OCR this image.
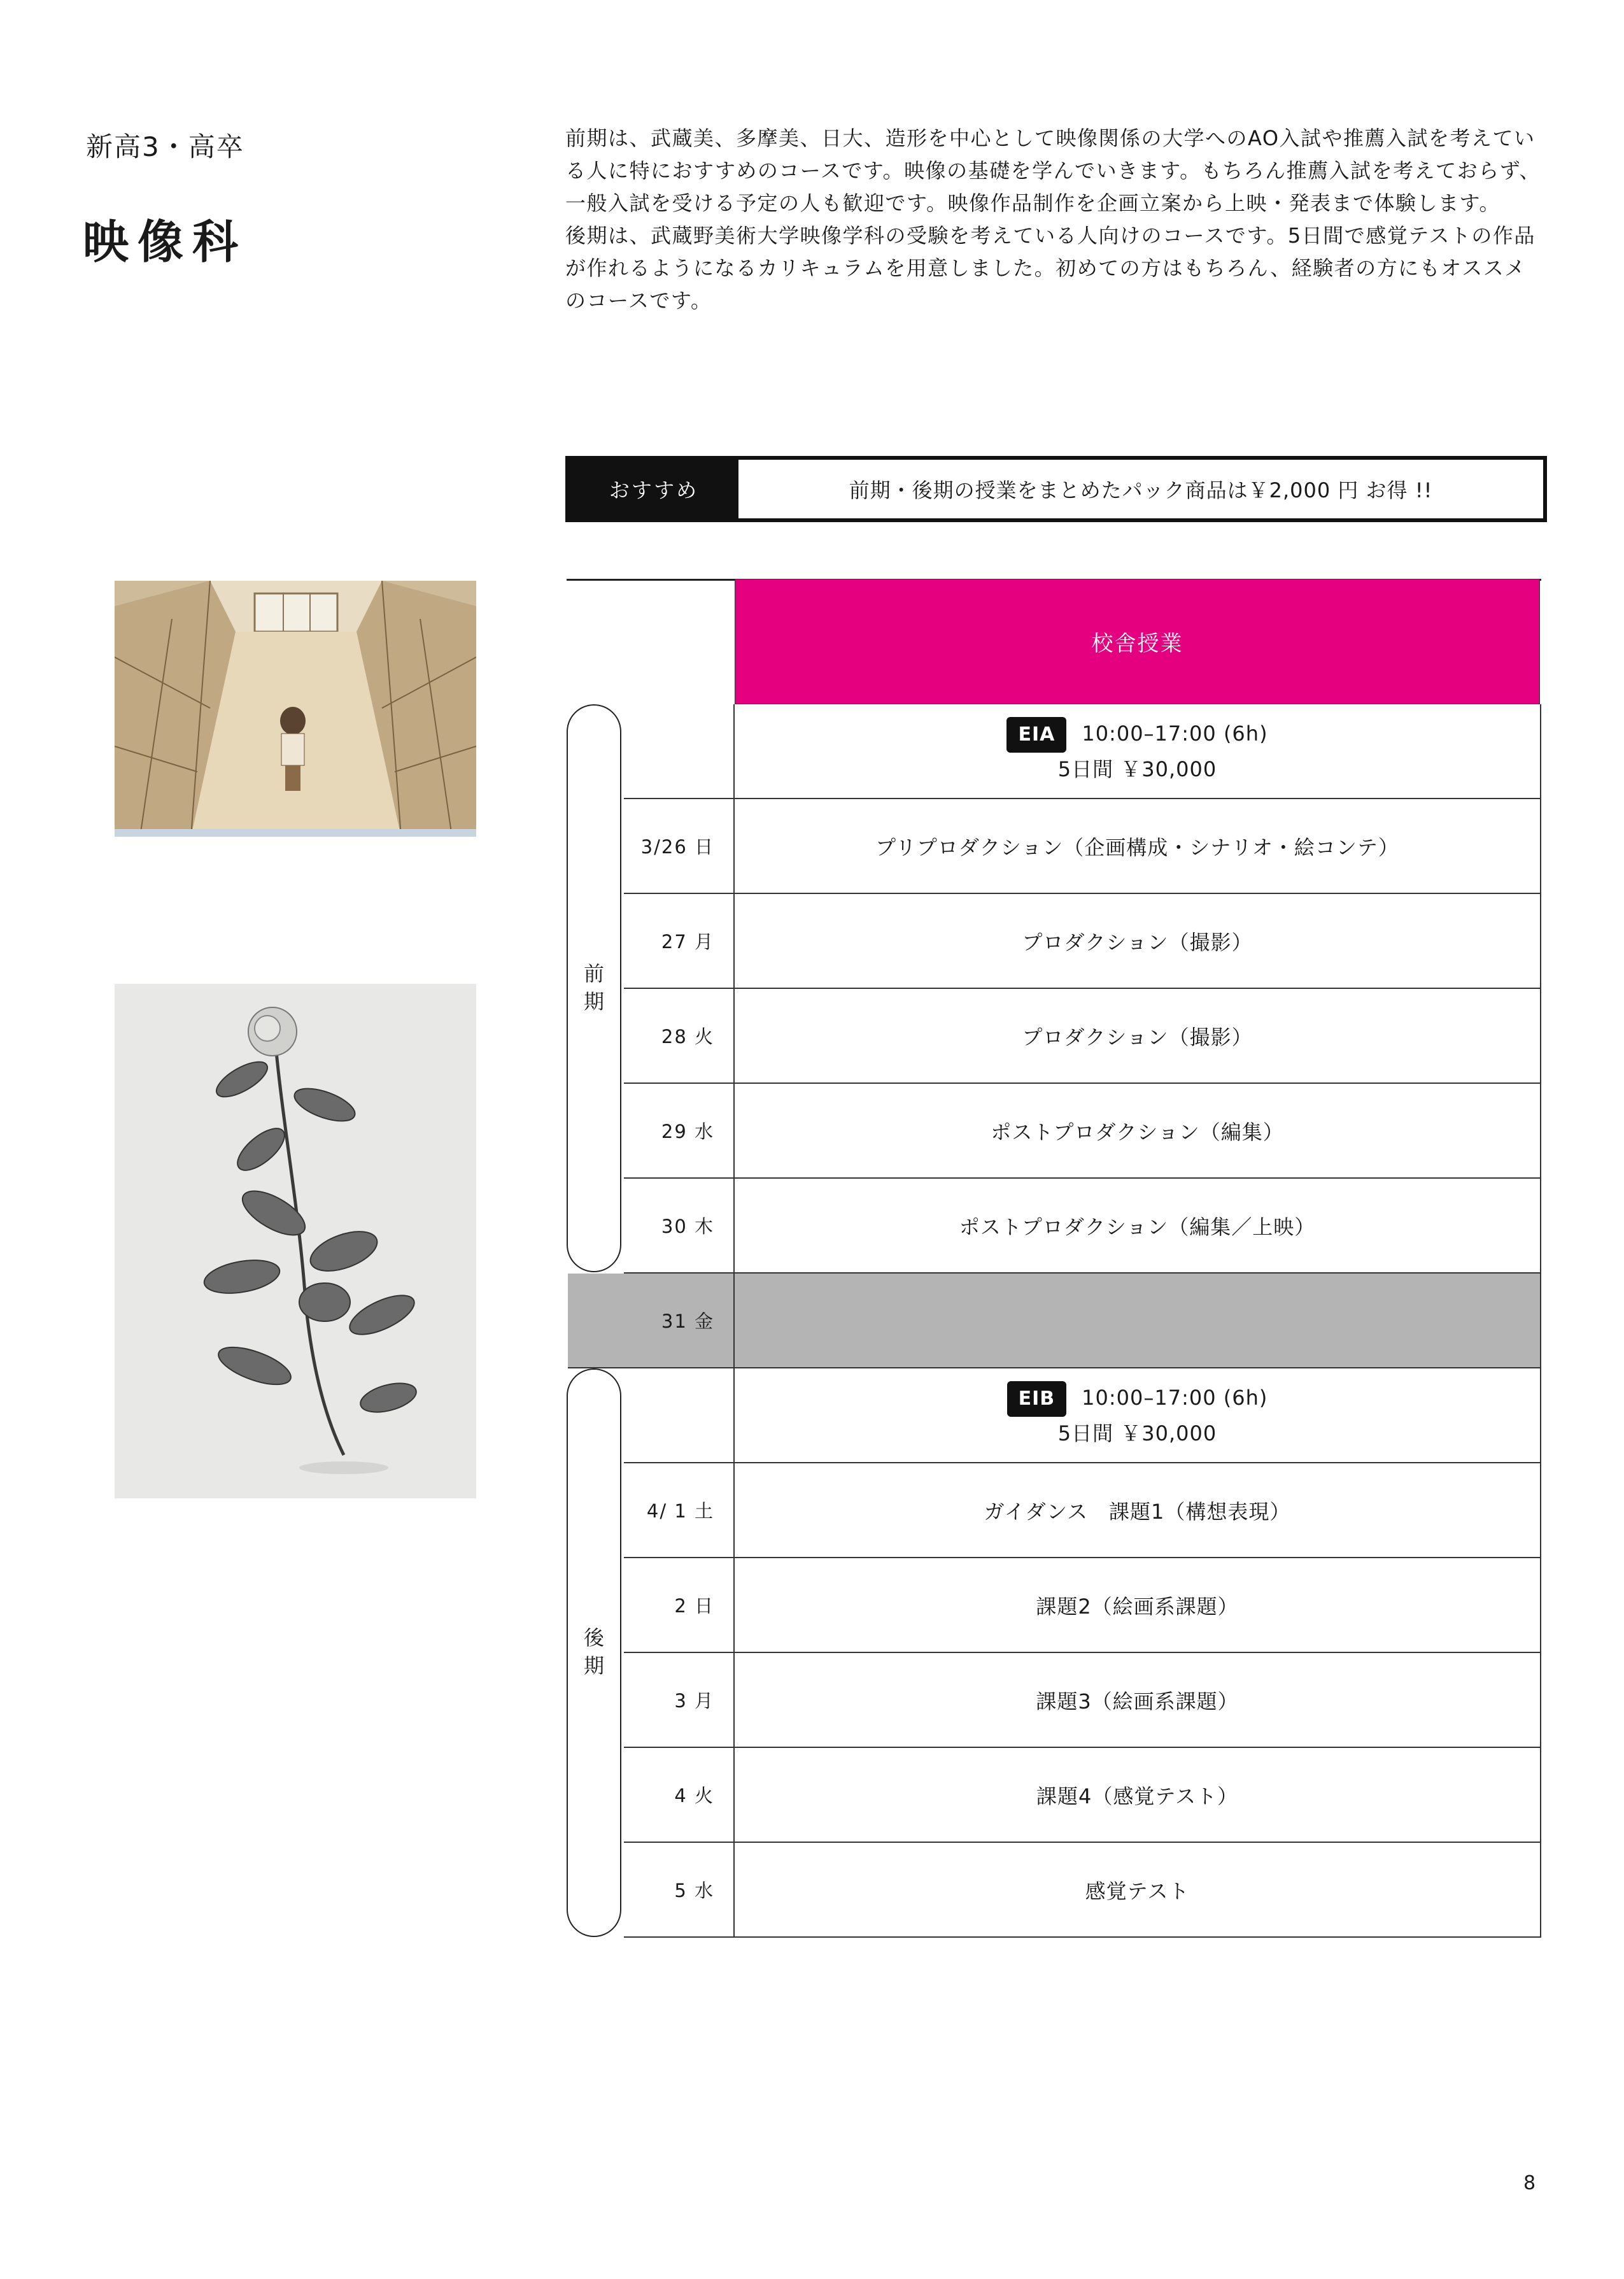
新高3・高卒
映像科

前期は、武蔵美、多摩美、日大、造形を中心として映像関係の大学へのAO入試や推薦入試を考えている人に特におすすめのコースです。映像の基礎を学んでいきます。もちろん推薦入試を考えておらず、一般入試を受ける予定の人も歓迎です。映像作品制作を企画立案から上映・発表まで体験します。

後期は、武蔵野美術大学映像学科の受験を考えている人向けのコースです。5日間で感覚テストの作品が作れるようになるカリキュラムを用意しました。初めての方はもちろん、経験者の方にもオススメのコースです。

おすすめ	前期・後期の授業をまとめたパック商品は￥2,000 円 お得 !!
校舎授業
前
期
EIA 10:00–17:00 (6h)
5日間 ￥30,000
3/26 日	プリプロダクション（企画構成・シナリオ・絵コンテ）
27 月	プロダクション（撮影）
28 火	プロダクション（撮影）
29 水	ポストプロダクション（編集）
30 木	ポストプロダクション（編集／上映）
31 金
後
期
EIB 10:00–17:00 (6h)
5日間 ￥30,000
4/ 1 土	ガイダンス　課題1（構想表現）
2 日	課題2（絵画系課題）
3 月	課題3（絵画系課題）
4 火	課題4（感覚テスト）
5 水	感覚テスト
8
